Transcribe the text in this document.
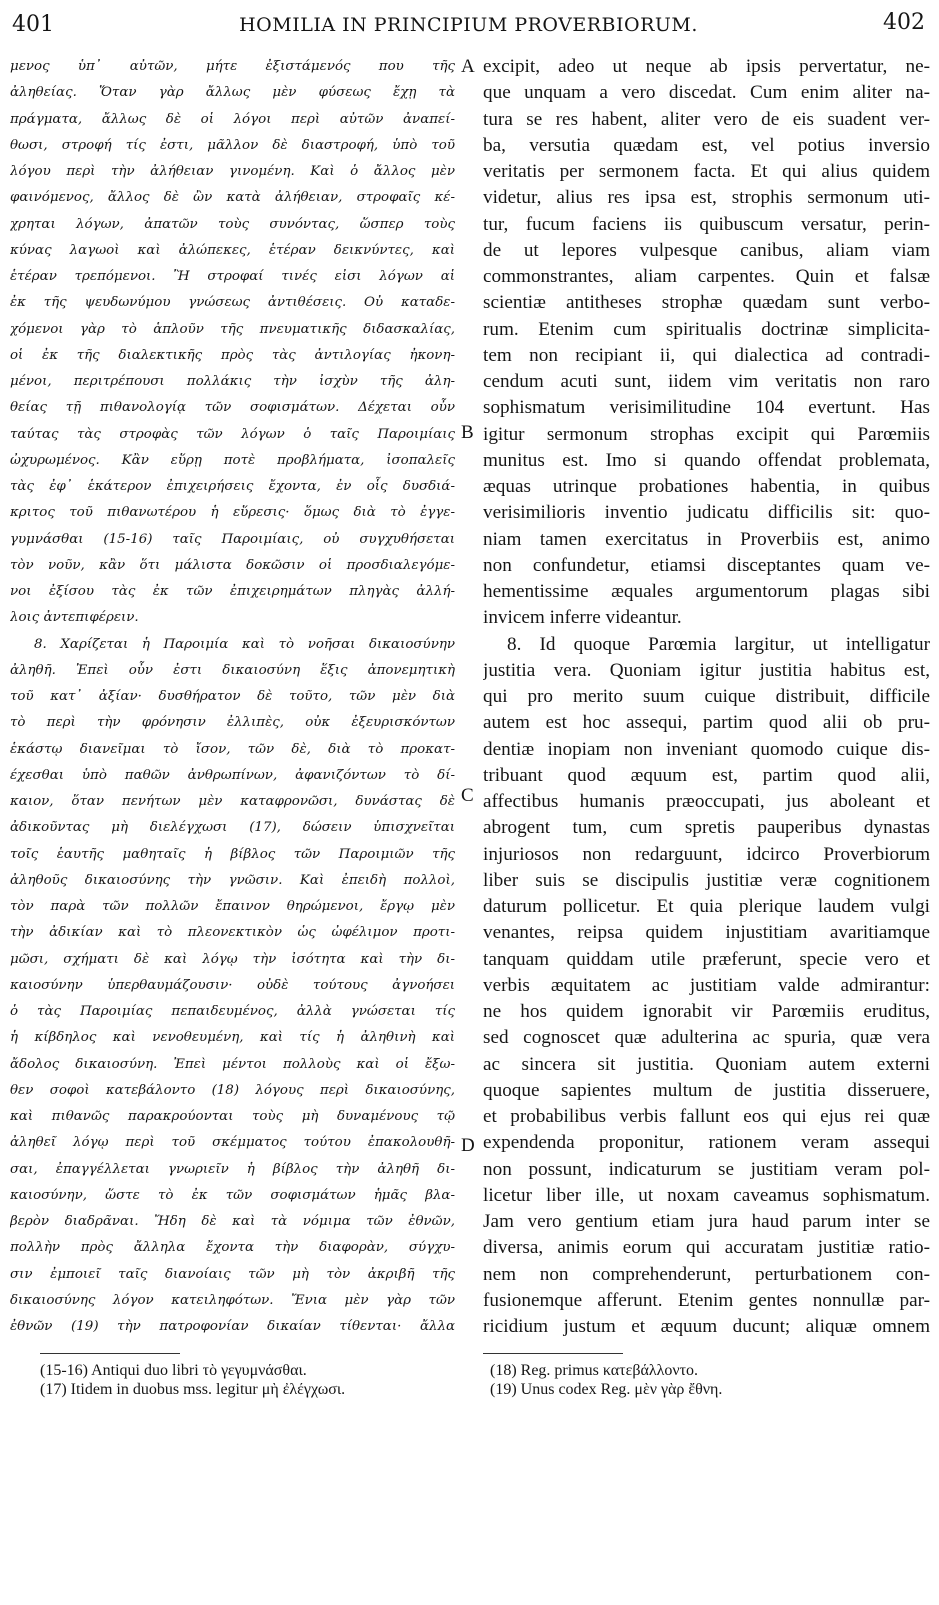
401	HOMILIA IN PRINCIPIUM PROVERBIORUM.	402
μενος ὑπ᾽ αὐτῶν, μήτε ἐξιστάμενός που τῆς
ἀληθείας. Ὅταν γὰρ ἄλλως μὲν φύσεως ἔχῃ τὰ
πράγματα, ἄλλως δὲ οἱ λόγοι περὶ αὐτῶν ἀναπεί-
θωσι, στροφή τίς ἐστι, μᾶλλον δὲ διαστροφή, ὑπὸ τοῦ
λόγου περὶ τὴν ἀλήθειαν γινομένη. Καὶ ὁ ἄλλος μὲν
φαινόμενος, ἄλλος δὲ ὢν κατὰ ἀλήθειαν, στροφαῖς κέ-
χρηται λόγων, ἀπατῶν τοὺς συνόντας, ὥσπερ τοὺς
κύνας λαγωοὶ καὶ ἀλώπεκες, ἑτέραν δεικνύντες, καὶ
ἑτέραν τρεπόμενοι. Ἢ στροφαί τινές εἰσι λόγων αἱ
ἐκ τῆς ψευδωνύμου γνώσεως ἀντιθέσεις. Οὐ καταδε-
χόμενοι γὰρ τὸ ἁπλοῦν τῆς πνευματικῆς διδασκαλίας,
οἱ ἐκ τῆς διαλεκτικῆς πρὸς τὰς ἀντιλογίας ἠκονη-
μένοι, περιτρέπουσι πολλάκις τὴν ἰσχὺν τῆς ἀλη-
θείας τῇ πιθανολογίᾳ τῶν σοφισμάτων. Δέχεται οὖν
ταύτας τὰς στροφὰς τῶν λόγων ὁ ταῖς Παροιμίαις
ὠχυρωμένος. Κἂν εὕρῃ ποτὲ προβλήματα, ἰσοπαλεῖς
τὰς ἐφ᾽ ἑκάτερον ἐπιχειρήσεις ἔχοντα, ἐν οἷς δυσδιά-
κριτος τοῦ πιθανωτέρου ἡ εὕρεσις· ὅμως διὰ τὸ ἐγγε-
γυμνάσθαι (15-16) ταῖς Παροιμίαις, οὐ συγχυθήσεται
τὸν νοῦν, κἂν ὅτι μάλιστα δοκῶσιν οἱ προσδιαλεγόμε-
νοι ἐξίσου τὰς ἐκ τῶν ἐπιχειρημάτων πληγὰς ἀλλή-
λοις ἀντεπιφέρειν.
8. Χαρίζεται ἡ Παροιμία καὶ τὸ νοῆσαι δικαιοσύνην
ἀληθῆ. Ἐπεὶ οὖν ἐστι δικαιοσύνη ἕξις ἀπονεμητικὴ
τοῦ κατ᾽ ἀξίαν· δυσθήρατον δὲ τοῦτο, τῶν μὲν διὰ
τὸ περὶ τὴν φρόνησιν ἐλλιπὲς, οὐκ ἐξευρισκόντων
ἑκάστῳ διανεῖμαι τὸ ἴσον, τῶν δὲ, διὰ τὸ προκατ-
έχεσθαι ὑπὸ παθῶν ἀνθρωπίνων, ἀφανιζόντων τὸ δί-
καιον, ὅταν πενήτων μὲν καταφρονῶσι, δυνάστας δὲ
ἀδικοῦντας μὴ διελέγχωσι (17), δώσειν ὑπισχνεῖται
τοῖς ἑαυτῆς μαθηταῖς ἡ βίβλος τῶν Παροιμιῶν τῆς
ἀληθοῦς δικαιοσύνης τὴν γνῶσιν. Καὶ ἐπειδὴ πολλοὶ,
τὸν παρὰ τῶν πολλῶν ἔπαινον θηρώμενοι, ἔργῳ μὲν
τὴν ἀδικίαν καὶ τὸ πλεονεκτικὸν ὡς ὠφέλιμον προτι-
μῶσι, σχήματι δὲ καὶ λόγῳ τὴν ἰσότητα καὶ τὴν δι-
καιοσύνην ὑπερθαυμάζουσιν· οὐδὲ τούτους ἀγνοήσει
ὁ τὰς Παροιμίας πεπαιδευμένος, ἀλλὰ γνώσεται τίς
ἡ κίβδηλος καὶ νενοθευμένη, καὶ τίς ἡ ἀληθινὴ καὶ
ἄδολος δικαιοσύνη. Ἐπεὶ μέντοι πολλοὺς καὶ οἱ ἔξω-
θεν σοφοὶ κατεβάλοντο (18) λόγους περὶ δικαιοσύνης,
καὶ πιθανῶς παρακρούονται τοὺς μὴ δυναμένους τῷ
ἀληθεῖ λόγῳ περὶ τοῦ σκέμματος τούτου ἐπακολουθῆ-
σαι, ἐπαγγέλλεται γνωριεῖν ἡ βίβλος τὴν ἀληθῆ δι-
καιοσύνην, ὥστε τὸ ἐκ τῶν σοφισμάτων ἡμᾶς βλα-
βερὸν διαδρᾶναι. Ἤδη δὲ καὶ τὰ νόμιμα τῶν ἐθνῶν,
πολλὴν πρὸς ἄλληλα ἔχοντα τὴν διαφορὰν, σύγχυ-
σιν ἐμποιεῖ ταῖς διανοίαις τῶν μὴ τὸν ἀκριβῆ τῆς
δικαιοσύνης λόγον κατειληφότων. Ἔνια μὲν γὰρ τῶν
ἐθνῶν (19) τὴν πατροφονίαν δικαίαν τίθενται· ἄλλα
excipit, adeo ut neque ab ipsis pervertatur, ne-
que unquam a vero discedat. Cum enim aliter na-
tura se res habent, aliter vero de eis suadent ver-
ba, versutia quædam est, vel potius inversio
veritatis per sermonem facta. Et qui alius quidem
videtur, alius res ipsa est, strophis sermonum uti-
tur, fucum faciens iis quibuscum versatur, perin-
de ut lepores vulpesque canibus, aliam viam
commonstrantes, aliam carpentes. Quin et falsæ
scientiæ antitheses strophæ quædam sunt verbo-
rum. Etenim cum spiritualis doctrinæ simplicita-
tem non recipiant ii, qui dialectica ad contradi-
cendum acuti sunt, iidem vim veritatis non raro
sophismatum verisimilitudine 104 evertunt. Has
igitur sermonum strophas excipit qui Parœmiis
munitus est. Imo si quando offendat problemata,
æquas utrinque probationes habentia, in quibus
verisimilioris inventio judicatu difficilis sit: quo-
niam tamen exercitatus in Proverbiis est, animo
non confundetur, etiamsi disceptantes quam ve-
hementissime æquales argumentorum plagas sibi
invicem inferre videantur.
8. Id quoque Parœmia largitur, ut intelligatur
justitia vera. Quoniam igitur justitia habitus est,
qui pro merito suum cuique distribuit, difficile
autem est hoc assequi, partim quod alii ob pru-
dentiæ inopiam non inveniant quomodo cuique dis-
tribuant quod æquum est, partim quod alii,
affectibus humanis præoccupati, jus aboleant et
abrogent tum, cum spretis pauperibus dynastas
injuriosos non redarguunt, idcirco Proverbiorum
liber suis se discipulis justitiæ veræ cognitionem
daturum pollicetur. Et quia plerique laudem vulgi
venantes, reipsa quidem injustitiam avaritiamque
tanquam quiddam utile præferunt, specie vero et
verbis æquitatem ac justitiam valde admirantur:
ne hos quidem ignorabit vir Parœmiis eruditus,
sed cognoscet quæ adulterina ac spuria, quæ vera
ac sincera sit justitia. Quoniam autem externi
quoque sapientes multum de justitia disseruere,
et probabilibus verbis fallunt eos qui ejus rei quæ
expendenda proponitur, rationem veram assequi
non possunt, indicaturum se justitiam veram pol-
licetur liber ille, ut noxam caveamus sophismatum.
Jam vero gentium etiam jura haud parum inter se
diversa, animis eorum qui accuratam justitiæ ratio-
nem non comprehenderunt, perturbationem con-
fusionemque afferunt. Etenim gentes nonnullæ par-
ricidium justum et æquum ducunt; aliquæ omnem
A
B
C
D
(15-16) Antiqui duo libri τὸ γεγυμνάσθαι.
(17) Itidem in duobus mss. legitur μὴ ἐλέγχωσι.
(18) Reg. primus κατεβάλλοντο.
(19) Unus codex Reg. μὲν γὰρ ἔθνη.
